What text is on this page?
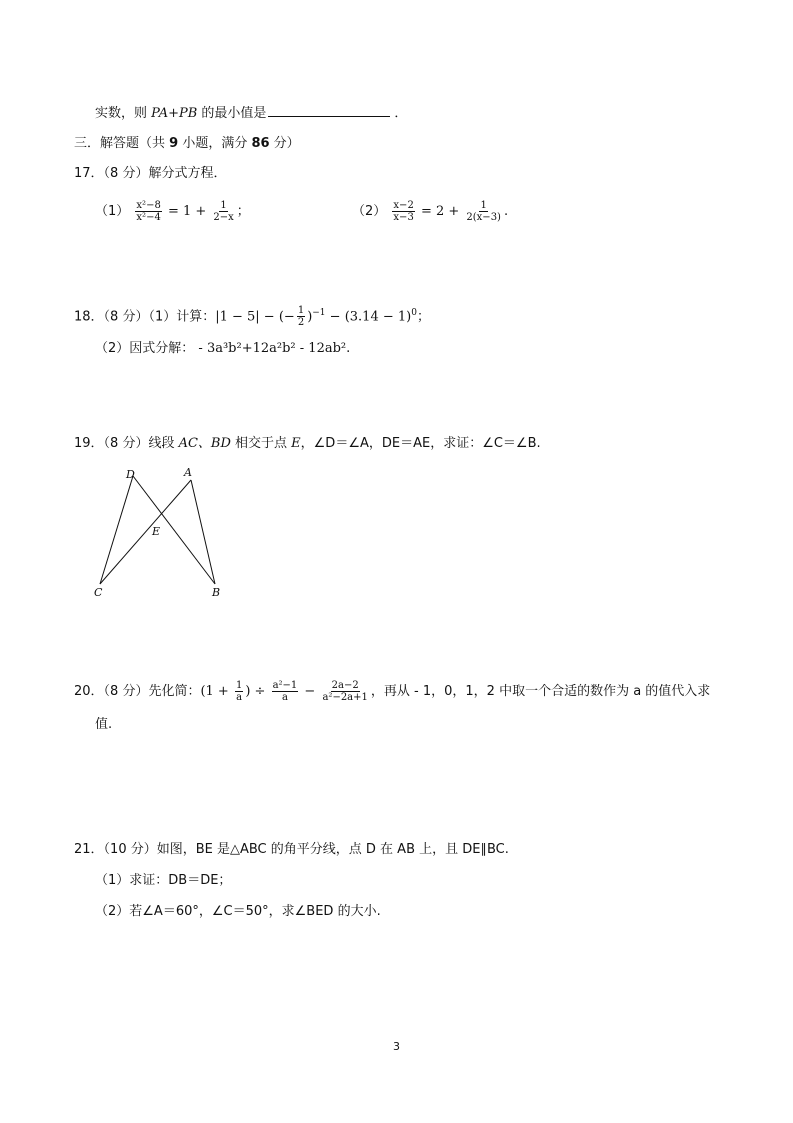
实数，则 PA+PB 的最小值是	．
三．解答题（共 9 小题，满分 86 分）
17．（8 分）解分式方程．
$(1) \frac{\text{x²−8}}{\text{x²−4}} = 1 + \frac{1}{2-x}$ ；	$(2) \frac{x-2}{x-3} = 2 + \frac{1}{2(x-3)}$ .
18．（8 分）（1）计算：|1 − 5| − (− $\frac{1}{2} )^{-1} - (3.14 - 1)^0$；
（2）因式分解： - 3a³b²+12a²b² - 12ab².
19．（8 分）线段 AC、BD 相交于点 E，∠D＝∠A，DE＝AE，求证：∠C＝∠B.
D	A
E
C	B
20．（8 分）先化简：($1 + \frac{1}{a}$ ) ÷ $\frac{\text{a²−1}}{a} - \frac{2a-2}{\text{a²−2a+1}}$ ，再从 - 1，0，1，2 中取一个合适的数作为 a 的值代入求
值.
21．（10 分）如图，BE 是△ABC 的角平分线，点 D 在 AB 上，且 DE∥BC.
（1）求证：DB＝DE；
（2）若∠A＝60°，∠C＝50°，求∠BED 的大小.
3
